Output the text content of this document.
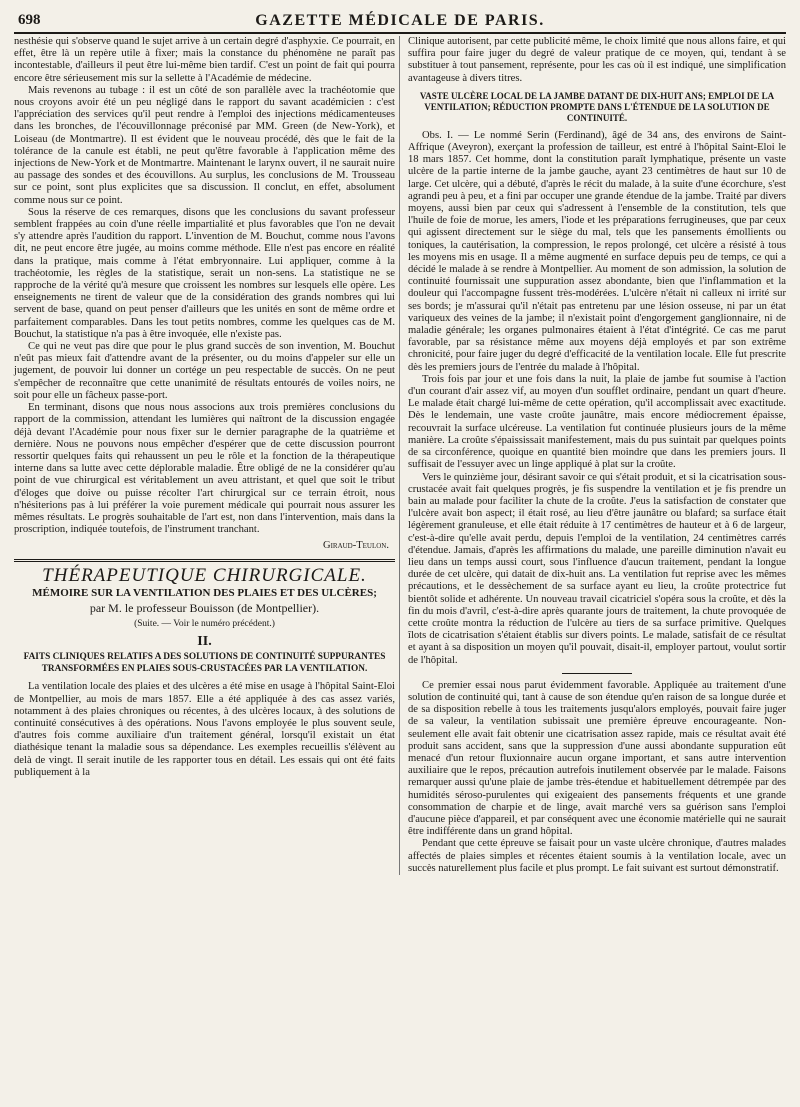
698	GAZETTE MÉDICALE DE PARIS.

nesthésie qui s'observe quand le sujet arrive à un certain degré d'asphyxie. Ce pourrait, en effet, être là un repère utile à fixer; mais la constance du phénomène ne paraît pas incontestable, d'ailleurs il peut être lui-même bien tardif. C'est un point de fait qui pourra encore être sérieusement mis sur la sellette à l'Académie de médecine.

Mais revenons au tubage : il est un côté de son parallèle avec la trachéotomie que nous croyons avoir été un peu négligé dans le rapport du savant académicien : c'est l'appréciation des services qu'il peut rendre à l'emploi des injections médicamenteuses dans les bronches, de l'écouvillonnage préconisé par MM. Green (de New-York), et Loiseau (de Montmartre). Il est évident que le nouveau procédé, dès que le fait de la tolérance de la canule est établi, ne peut qu'être favorable à l'application même des injections de New-York et de Montmartre. Maintenant le larynx ouvert, il ne saurait nuire au passage des sondes et des écouvillons. Au surplus, les conclusions de M. Trousseau sur ce point, sont plus explicites que sa discussion. Il conclut, en effet, absolument comme nous sur ce point.

Sous la réserve de ces remarques, disons que les conclusions du savant professeur semblent frappées au coin d'une réelle impartialité et plus favorables que l'on ne devait s'y attendre après l'audition du rapport. L'invention de M. Bouchut, comme nous l'avons dit, ne peut encore être jugée, au moins comme méthode. Elle n'est pas encore en réalité dans la pratique, mais comme à l'état embryonnaire. Lui appliquer, comme à la trachéotomie, les règles de la statistique, serait un non-sens. La statistique ne se rapproche de la vérité qu'à mesure que croissent les nombres sur lesquels elle opère. Les enseignements ne tirent de valeur que de la considération des grands nombres qui lui servent de base, quand on peut penser d'ailleurs que les unités en sont de même ordre et parfaitement comparables. Dans les tout petits nombres, comme les quelques cas de M. Bouchut, la statistique n'a pas à être invoquée, elle n'existe pas.

Ce qui ne veut pas dire que pour le plus grand succès de son invention, M. Bouchut n'eût pas mieux fait d'attendre avant de la présenter, ou du moins d'appeler sur elle un jugement, de pouvoir lui donner un cortége un peu respectable de succès. On ne peut s'empêcher de reconnaître que cette unanimité de résultats entourés de voiles noirs, ne soit pour elle un fâcheux passe-port.

En terminant, disons que nous nous associons aux trois premières conclusions du rapport de la commission, attendant les lumières qui naîtront de la discussion engagée déjà devant l'Académie pour nous fixer sur le dernier paragraphe de la quatrième et dernière. Nous ne pouvons nous empêcher d'espérer que de cette discussion pourront ressortir quelques faits qui rehaussent un peu le rôle et la fonction de la thérapeutique interne dans sa lutte avec cette déplorable maladie. Être obligé de ne la considérer qu'au point de vue chirurgical est véritablement un aveu attristant, et quel que soit le tribut d'éloges que doive ou puisse récolter l'art chirurgical sur ce terrain étroit, nous n'hésiterions pas à lui préférer la voie purement médicale qui pourrait nous assurer les mêmes résultats. Le progrès souhaitable de l'art est, non dans l'intervention, mais dans la proscription, indiquée toutefois, de l'instrument tranchant.

Giraud-Teulon.
THÉRAPEUTIQUE CHIRURGICALE.
MÉMOIRE SUR LA VENTILATION DES PLAIES ET DES ULCÈRES;
par M. le professeur Bouisson (de Montpellier).
(Suite. — Voir le numéro précédent.)
II.
FAITS CLINIQUES RELATIFS A DES SOLUTIONS DE CONTINUITÉ SUPPURANTES TRANSFORMÉES EN PLAIES SOUS-CRUSTACÉES PAR LA VENTILATION.

La ventilation locale des plaies et des ulcères a été mise en usage à l'hôpital Saint-Eloi de Montpellier, au mois de mars 1857. Elle a été appliquée à des cas assez variés, notamment à des plaies chroniques ou récentes, à des ulcères locaux, à des solutions de continuité consécutives à des opérations. Nous l'avons employée le plus souvent seule, d'autres fois comme auxiliaire d'un traitement général, lorsqu'il existait un état diathésique tenant la maladie sous sa dépendance. Les exemples recueillis s'élèvent au delà de vingt. Il serait inutile de les rapporter tous en détail. Les essais qui ont été faits publiquement à la

Clinique autorisent, par cette publicité même, le choix limité que nous allons faire, et qui suffira pour faire juger du degré de valeur pratique de ce moyen, qui, tendant à se substituer à tout pansement, représente, pour les cas où il est indiqué, une simplification avantageuse à divers titres.

VASTE ULCÈRE LOCAL DE LA JAMBE DATANT DE DIX-HUIT ANS; EMPLOI DE LA VENTILATION; RÉDUCTION PROMPTE DANS L'ÉTENDUE DE LA SOLUTION DE CONTINUITÉ.

Obs. I. — Le nommé Serin (Ferdinand), âgé de 34 ans, des environs de Saint-Affrique (Aveyron), exerçant la profession de tailleur, est entré à l'hôpital Saint-Eloi le 18 mars 1857. Cet homme, dont la constitution paraît lymphatique, présente un vaste ulcère de la partie interne de la jambe gauche, ayant 23 centimètres de haut sur 10 de large. Cet ulcère, qui a débuté, d'après le récit du malade, à la suite d'une écorchure, s'est agrandi peu à peu, et a fini par occuper une grande étendue de la jambe. Traité par divers moyens, aussi bien par ceux qui s'adressent à l'ensemble de la constitution, tels que l'huile de foie de morue, les amers, l'iode et les préparations ferrugineuses, que par ceux qui agissent directement sur le siège du mal, tels que les pansements émollients ou toniques, la cautérisation, la compression, le repos prolongé, cet ulcère a résisté à tous les moyens mis en usage. Il a même augmenté en surface depuis peu de temps, ce qui a décidé le malade à se rendre à Montpellier. Au moment de son admission, la solution de continuité fournissait une suppuration assez abondante, bien que l'inflammation et la douleur qui l'accompagne fussent très-modérées. L'ulcère n'était ni calleux ni irrité sur ses bords; je m'assurai qu'il n'était pas entretenu par une lésion osseuse, ni par un état variqueux des veines de la jambe; il n'existait point d'engorgement ganglionnaire, ni de maladie générale; les organes pulmonaires étaient à l'état d'intégrité. Ce cas me parut favorable, par sa résistance même aux moyens déjà employés et par son extrême chronicité, pour faire juger du degré d'efficacité de la ventilation locale. Elle fut prescrite dès les premiers jours de l'entrée du malade à l'hôpital.

Trois fois par jour et une fois dans la nuit, la plaie de jambe fut soumise à l'action d'un courant d'air assez vif, au moyen d'un soufflet ordinaire, pendant un quart d'heure. Le malade était chargé lui-même de cette opération, qu'il accomplissait avec exactitude. Dès le lendemain, une vaste croûte jaunâtre, mais encore médiocrement épaisse, recouvrait la surface ulcéreuse. La ventilation fut continuée plusieurs jours de la même manière. La croûte s'épaississait manifestement, mais du pus suintait par quelques points de sa circonférence, quoique en quantité bien moindre que dans les premiers jours. Il suffisait de l'essuyer avec un linge appliqué à plat sur la croûte.

Vers le quinzième jour, désirant savoir ce qui s'était produit, et si la cicatrisation sous-crustacée avait fait quelques progrès, je fis suspendre la ventilation et je fis prendre un bain au malade pour faciliter la chute de la croûte. J'eus la satisfaction de constater que l'ulcère avait bon aspect; il était rosé, au lieu d'être jaunâtre ou blafard; sa surface était légèrement granuleuse, et elle était réduite à 17 centimètres de hauteur et à 6 de largeur, c'est-à-dire qu'elle avait perdu, depuis l'emploi de la ventilation, 24 centimètres carrés d'étendue. Jamais, d'après les affirmations du malade, une pareille diminution n'avait eu lieu dans un temps aussi court, sous l'influence d'aucun traitement, pendant la longue durée de cet ulcère, qui datait de dix-huit ans. La ventilation fut reprise avec les mêmes précautions, et le dessèchement de sa surface ayant eu lieu, la croûte protectrice fut bientôt solide et adhérente. Un nouveau travail cicatriciel s'opéra sous la croûte, et dès la fin du mois d'avril, c'est-à-dire après quarante jours de traitement, la chute provoquée de cette croûte montra la réduction de l'ulcère au tiers de sa surface primitive. Quelques îlots de cicatrisation s'étaient établis sur divers points. Le malade, satisfait de ce résultat et ayant à sa disposition un moyen qu'il pouvait, disait-il, employer partout, voulut sortir de l'hôpital.

Ce premier essai nous parut évidemment favorable. Appliquée au traitement d'une solution de continuité qui, tant à cause de son étendue qu'en raison de sa longue durée et de sa disposition rebelle à tous les traitements jusqu'alors employés, pouvait faire juger de sa valeur, la ventilation subissait une première épreuve encourageante. Non-seulement elle avait fait obtenir une cicatrisation assez rapide, mais ce résultat avait été produit sans accident, sans que la suppression d'une aussi abondante suppuration eût menacé d'un retour fluxionnaire aucun organe important, et sans autre intervention auxiliaire que le repos, précaution autrefois inutilement observée par le malade. Faisons remarquer aussi qu'une plaie de jambe très-étendue et habituellement détrempée par des humidités séroso-purulentes qui exigeaient des pansements fréquents et une grande consommation de charpie et de linge, avait marché vers sa guérison sans l'emploi d'aucune pièce d'appareil, et par conséquent avec une économie matérielle qui ne saurait être indifférente dans un grand hôpital.

Pendant que cette épreuve se faisait pour un vaste ulcère chronique, d'autres malades affectés de plaies simples et récentes étaient soumis à la ventilation locale, avec un succès naturellement plus facile et plus prompt. Le fait suivant est surtout démonstratif.
